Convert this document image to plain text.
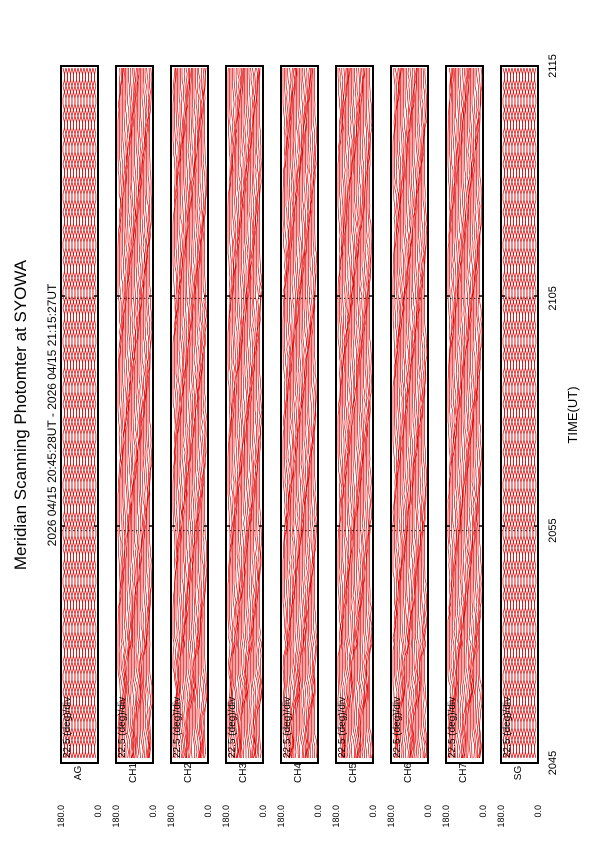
Meridian Scanning Photomter at SYOWA 2026 04/15 20:45:28UT - 2026 04/15 21:15:27UT	TIME(UT)
22.5 (deg)/div
AG
180.0	0.0
22.5 (deg)/div
CH1
180.0	0.0
22.5 (deg)/div
CH2
180.0	0.0
22.5 (deg)/div
CH3
180.0	0.0
22.5 (deg)/div
CH4
180.0	0.0
22.5 (deg)/div
CH5
180.0	0.0
22.5 (deg)/div
CH6
180.0	0.0
22.5 (deg)/div
CH7
180.0	0.0
22.5 (deg)/div
SG
180.0	0.0
2045
2055
2105
2115
